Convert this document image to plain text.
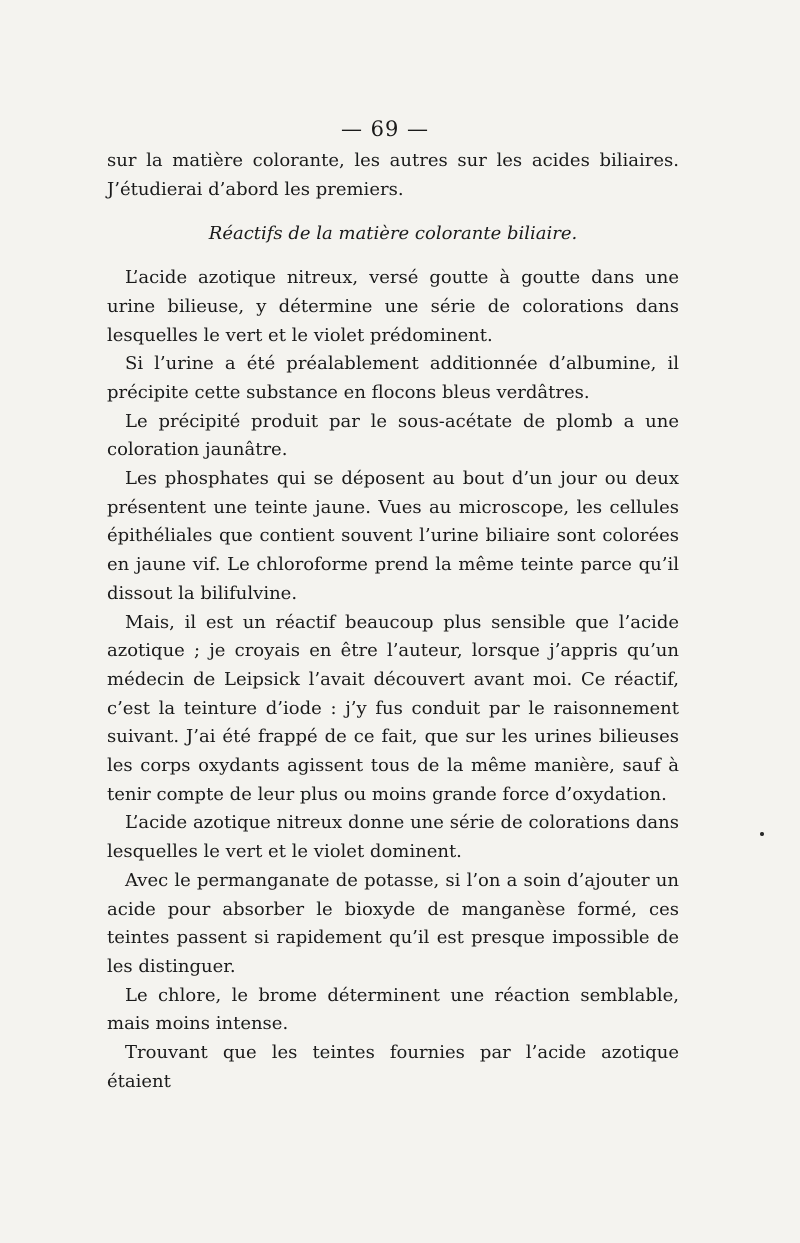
— 69 —

sur la matière colorante, les autres sur les acides biliaires. J’étudierai d’abord les premiers.

Réactifs de la matière colorante biliaire.

L’acide azotique nitreux, versé goutte à goutte dans une urine bilieuse, y détermine une série de colorations dans lesquelles le vert et le violet prédominent.

Si l’urine a été préalablement additionnée d’albumine, il précipite cette substance en flocons bleus verdâtres.

Le précipité produit par le sous-acétate de plomb a une coloration jaunâtre.

Les phosphates qui se déposent au bout d’un jour ou deux présentent une teinte jaune. Vues au microscope, les cellules épithéliales que contient souvent l’urine biliaire sont colorées en jaune vif. Le chloroforme prend la même teinte parce qu’il dissout la bilifulvine.

Mais, il est un réactif beaucoup plus sensible que l’acide azotique ; je croyais en être l’auteur, lorsque j’appris qu’un médecin de Leipsick l’avait découvert avant moi. Ce réactif, c’est la teinture d’iode : j’y fus conduit par le raisonnement suivant. J’ai été frappé de ce fait, que sur les urines bilieuses les corps oxydants agissent tous de la même manière, sauf à tenir compte de leur plus ou moins grande force d’oxydation.

L’acide azotique nitreux donne une série de colorations dans lesquelles le vert et le violet dominent.

Avec le permanganate de potasse, si l’on a soin d’ajouter un acide pour absorber le bioxyde de manganèse formé, ces teintes passent si rapidement qu’il est presque impossible de les distinguer.

Le chlore, le brome déterminent une réaction semblable, mais moins intense.

Trouvant que les teintes fournies par l’acide azotique étaient
